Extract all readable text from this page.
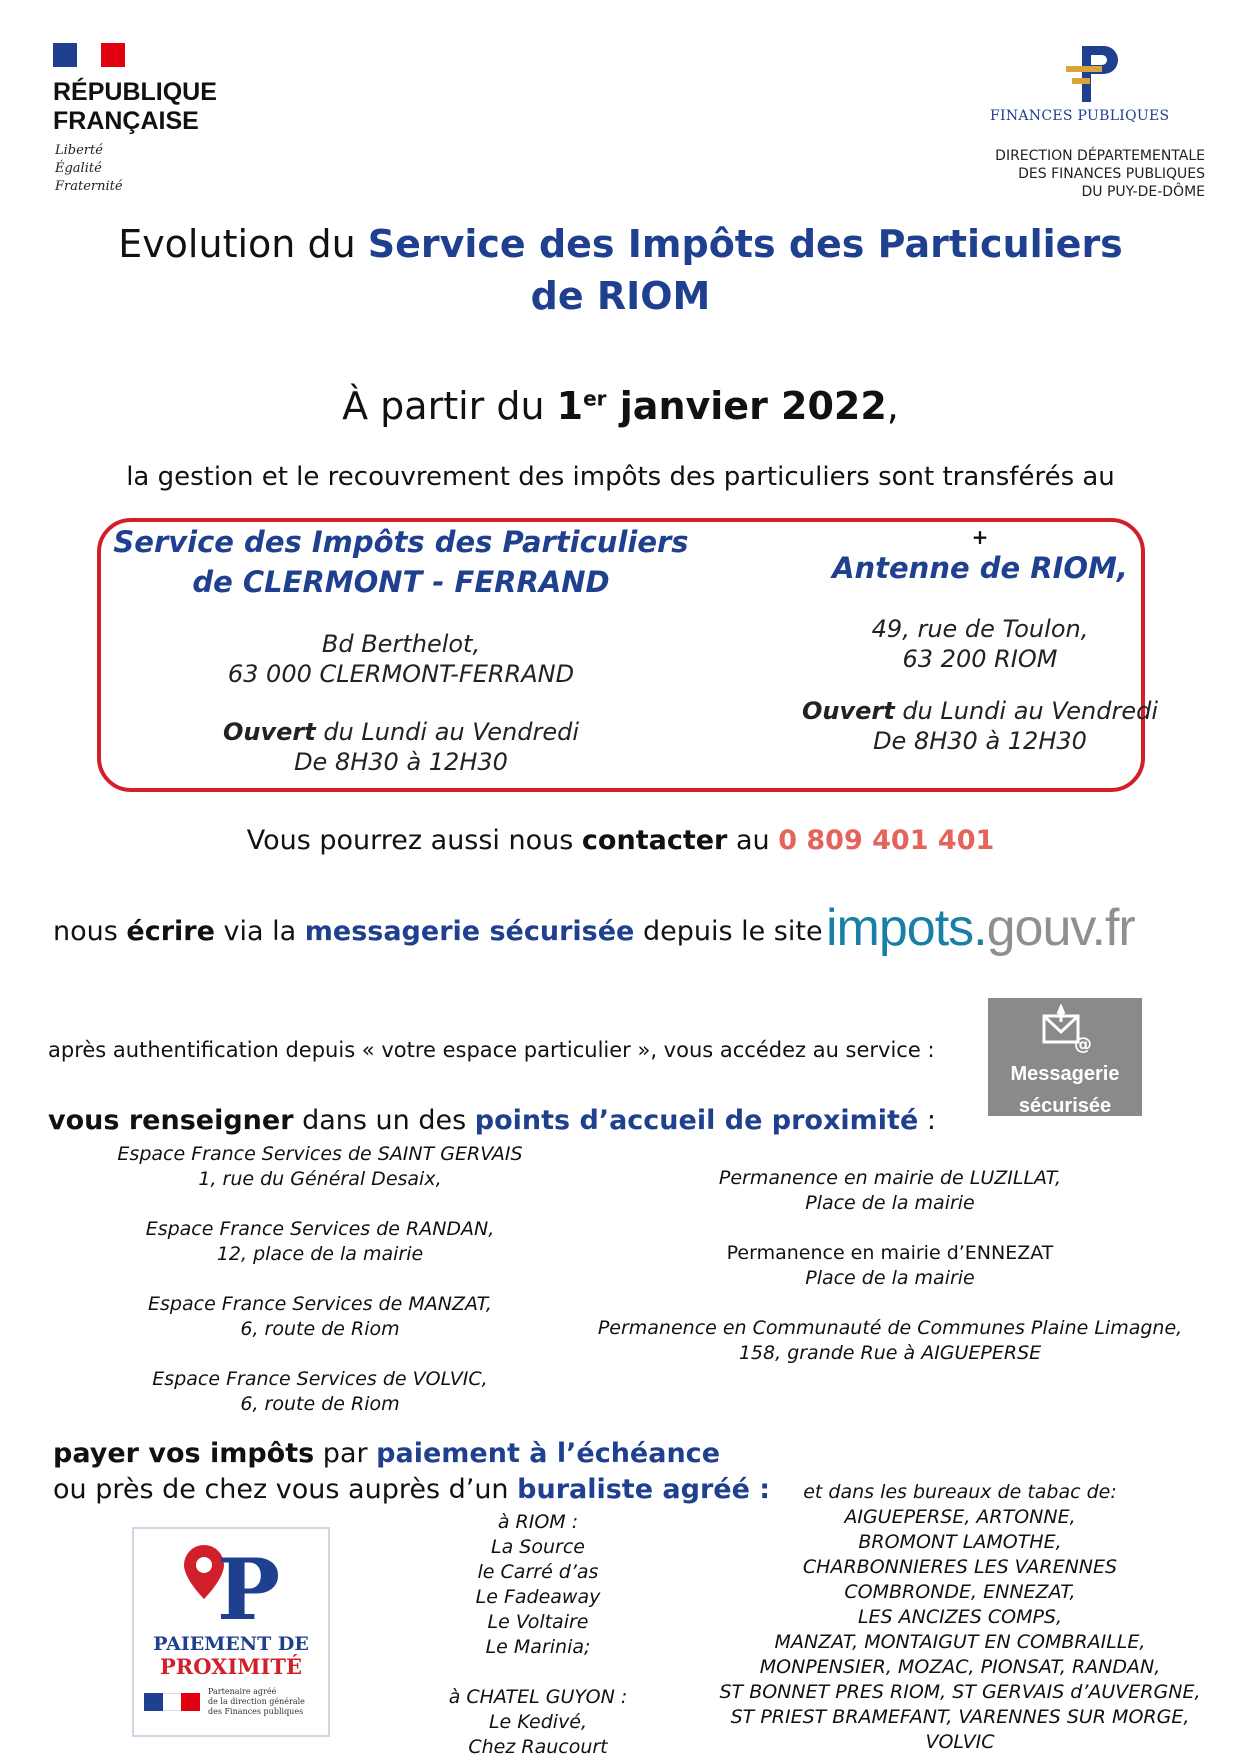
RÉPUBLIQUE
FRANÇAISE
Liberté
Égalité
Fraternité
FINANCES PUBLIQUES
DIRECTION DÉPARTEMENTALE
DES FINANCES PUBLIQUES
DU PUY-DE-DÔME
Evolution du Service des Impôts des Particuliers
de RIOM
À partir du 1er janvier 2022,
la gestion et le recouvrement des impôts des particuliers sont transférés au
Service des Impôts des Particuliers
de CLERMONT - FERRAND
Bd Berthelot,
63 000 CLERMONT-FERRAND
Ouvert du Lundi au Vendredi
De 8H30 à 12H30
+
Antenne de RIOM,
49, rue de Toulon,
63 200 RIOM
Ouvert du Lundi au Vendredi
De 8H30 à 12H30
Vous pourrez aussi nous contacter au 0 809 401 401
nous écrire via la messagerie sécurisée depuis le site impots.gouv.fr
après authentification depuis « votre espace particulier », vous accédez au service :	@
Messagerie
sécurisée
vous renseigner dans un des points d’accueil de proximité :
Espace France Services de SAINT GERVAIS
1, rue du Général Desaix,
Espace France Services de RANDAN,
12, place de la mairie
Espace France Services de MANZAT,
6, route de Riom
Espace France Services de VOLVIC,
6, route de Riom
Permanence en mairie de LUZILLAT,
Place de la mairie
Permanence en mairie d’ENNEZAT
Place de la mairie
Permanence en Communauté de Communes Plaine Limagne,
158, grande Rue à AIGUEPERSE
payer vos impôts par paiement à l’échéance
ou près de chez vous auprès d’un buraliste agréé :
à RIOM :
La Source
le Carré d’as
Le Fadeaway
Le Voltaire
Le Marinia;
à CHATEL GUYON :
Le Kedivé,
Chez Raucourt
et dans les bureaux de tabac de:
AIGUEPERSE, ARTONNE,
BROMONT LAMOTHE,
CHARBONNIERES LES VARENNES
COMBRONDE, ENNEZAT,
LES ANCIZES COMPS,
MANZAT, MONTAIGUT EN COMBRAILLE,
MONPENSIER, MOZAC, PIONSAT, RANDAN,
ST BONNET PRES RIOM, ST GERVAIS d’AUVERGNE,
ST PRIEST BRAMEFANT, VARENNES SUR MORGE,
VOLVIC
P
PAIEMENT DE
PROXIMITÉ
Partenaire agréé
de la direction générale
des Finances publiques
